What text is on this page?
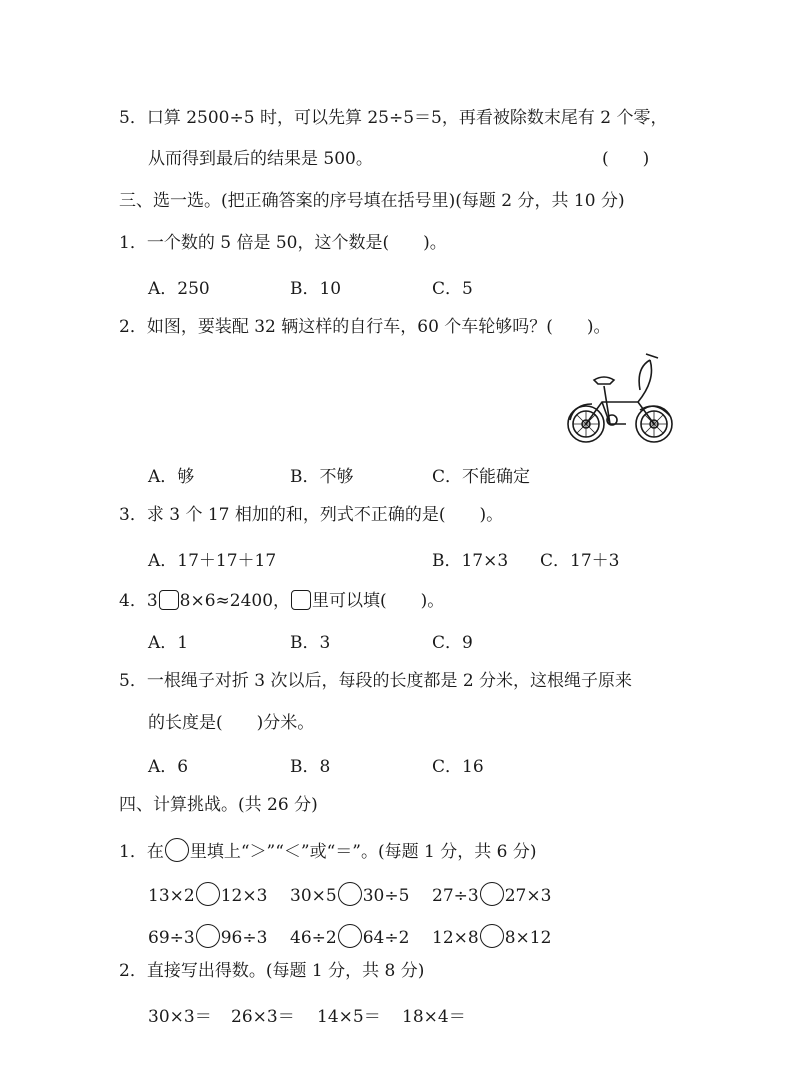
5．口算 2500÷5 时，可以先算 25÷5＝5，再看被除数末尾有 2 个零，
从而得到最后的结果是 500。	(　　)
三、选一选。(把正确答案的序号填在括号里)(每题 2 分，共 10 分)
1．一个数的 5 倍是 50，这个数是(　　)。
A．250	B．10	C．5
2．如图，要装配 32 辆这样的自行车，60 个车轮够吗？(　　)。
A．够	B．不够	C．不能确定
3．求 3 个 17 相加的和，列式不正确的是(　　)。
A．17＋17＋17	B．17×3 C．17＋3
4．3 8×6≈2400， 里可以填(　　)。
A．1	B．3	C．9
5．一根绳子对折 3 次以后，每段的长度都是 2 分米，这根绳子原来
的长度是(　　)分米。
A．6	B．8	C．16
四、计算挑战。(共 26 分)
1．在 里填上“＞”“＜”或“＝”。(每题 1 分，共 6 分)
13×2 12×3 30×5 30÷5 27÷3 27×3
69÷3 96÷3 46÷2 64÷2 12×8 8×12
2．直接写出得数。(每题 1 分，共 8 分)
30×3＝ 26×3＝ 14×5＝ 18×4＝
